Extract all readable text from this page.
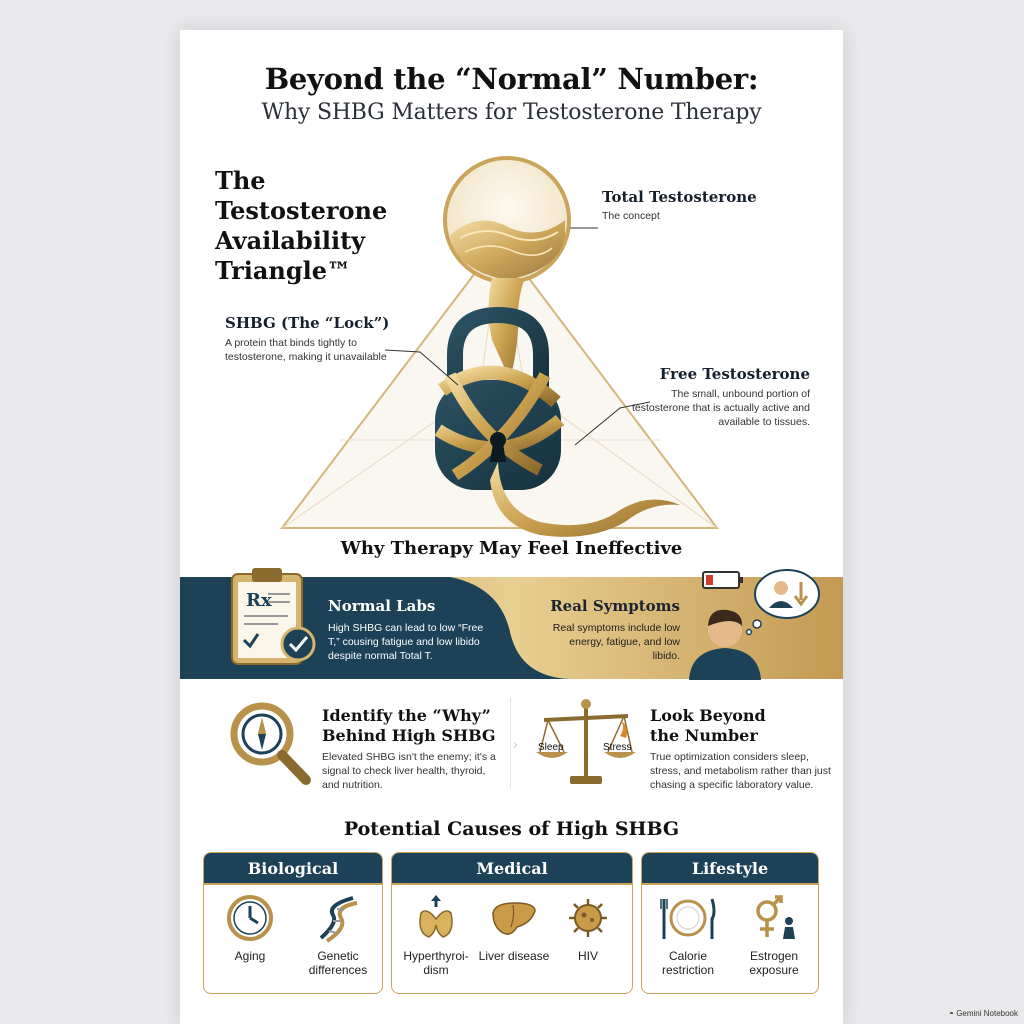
Beyond the “Normal” Number:
Why SHBG Matters for Testosterone Therapy
The Testosterone Availability Triangle™
Total Testosterone
The concept
SHBG (The “Lock”)
A protein that binds tightly to testosterone, making it unavailable
Free Testosterone
The small, unbound portion of testosterone that is actually active and available to tissues.
Why Therapy May Feel Ineffective
Rx	Normal Labs
High SHBG can lead to low “Free T,” cousing fatigue and low libido despite normal Total T.
Real Symptoms
Real symptoms include low energy, fatigue, and low libido.
Identify the “Why” Behind High SHBG
Elevated SHBG isn't the enemy; it's a signal to check liver health, thyroid, and nutrition.
› Sleep	Stress
Look Beyond the Number
True optimization considers sleep, stress, and metabolism rather than just chasing a specific laboratory value.
Potential Causes of High SHBG
Biological
Aging	Genetic differences
Medical
Hyperthyroi-dism
Liver disease	HIV
Lifestyle
Calorie restriction
Estrogen exposure
◓ Gemini Notebook
